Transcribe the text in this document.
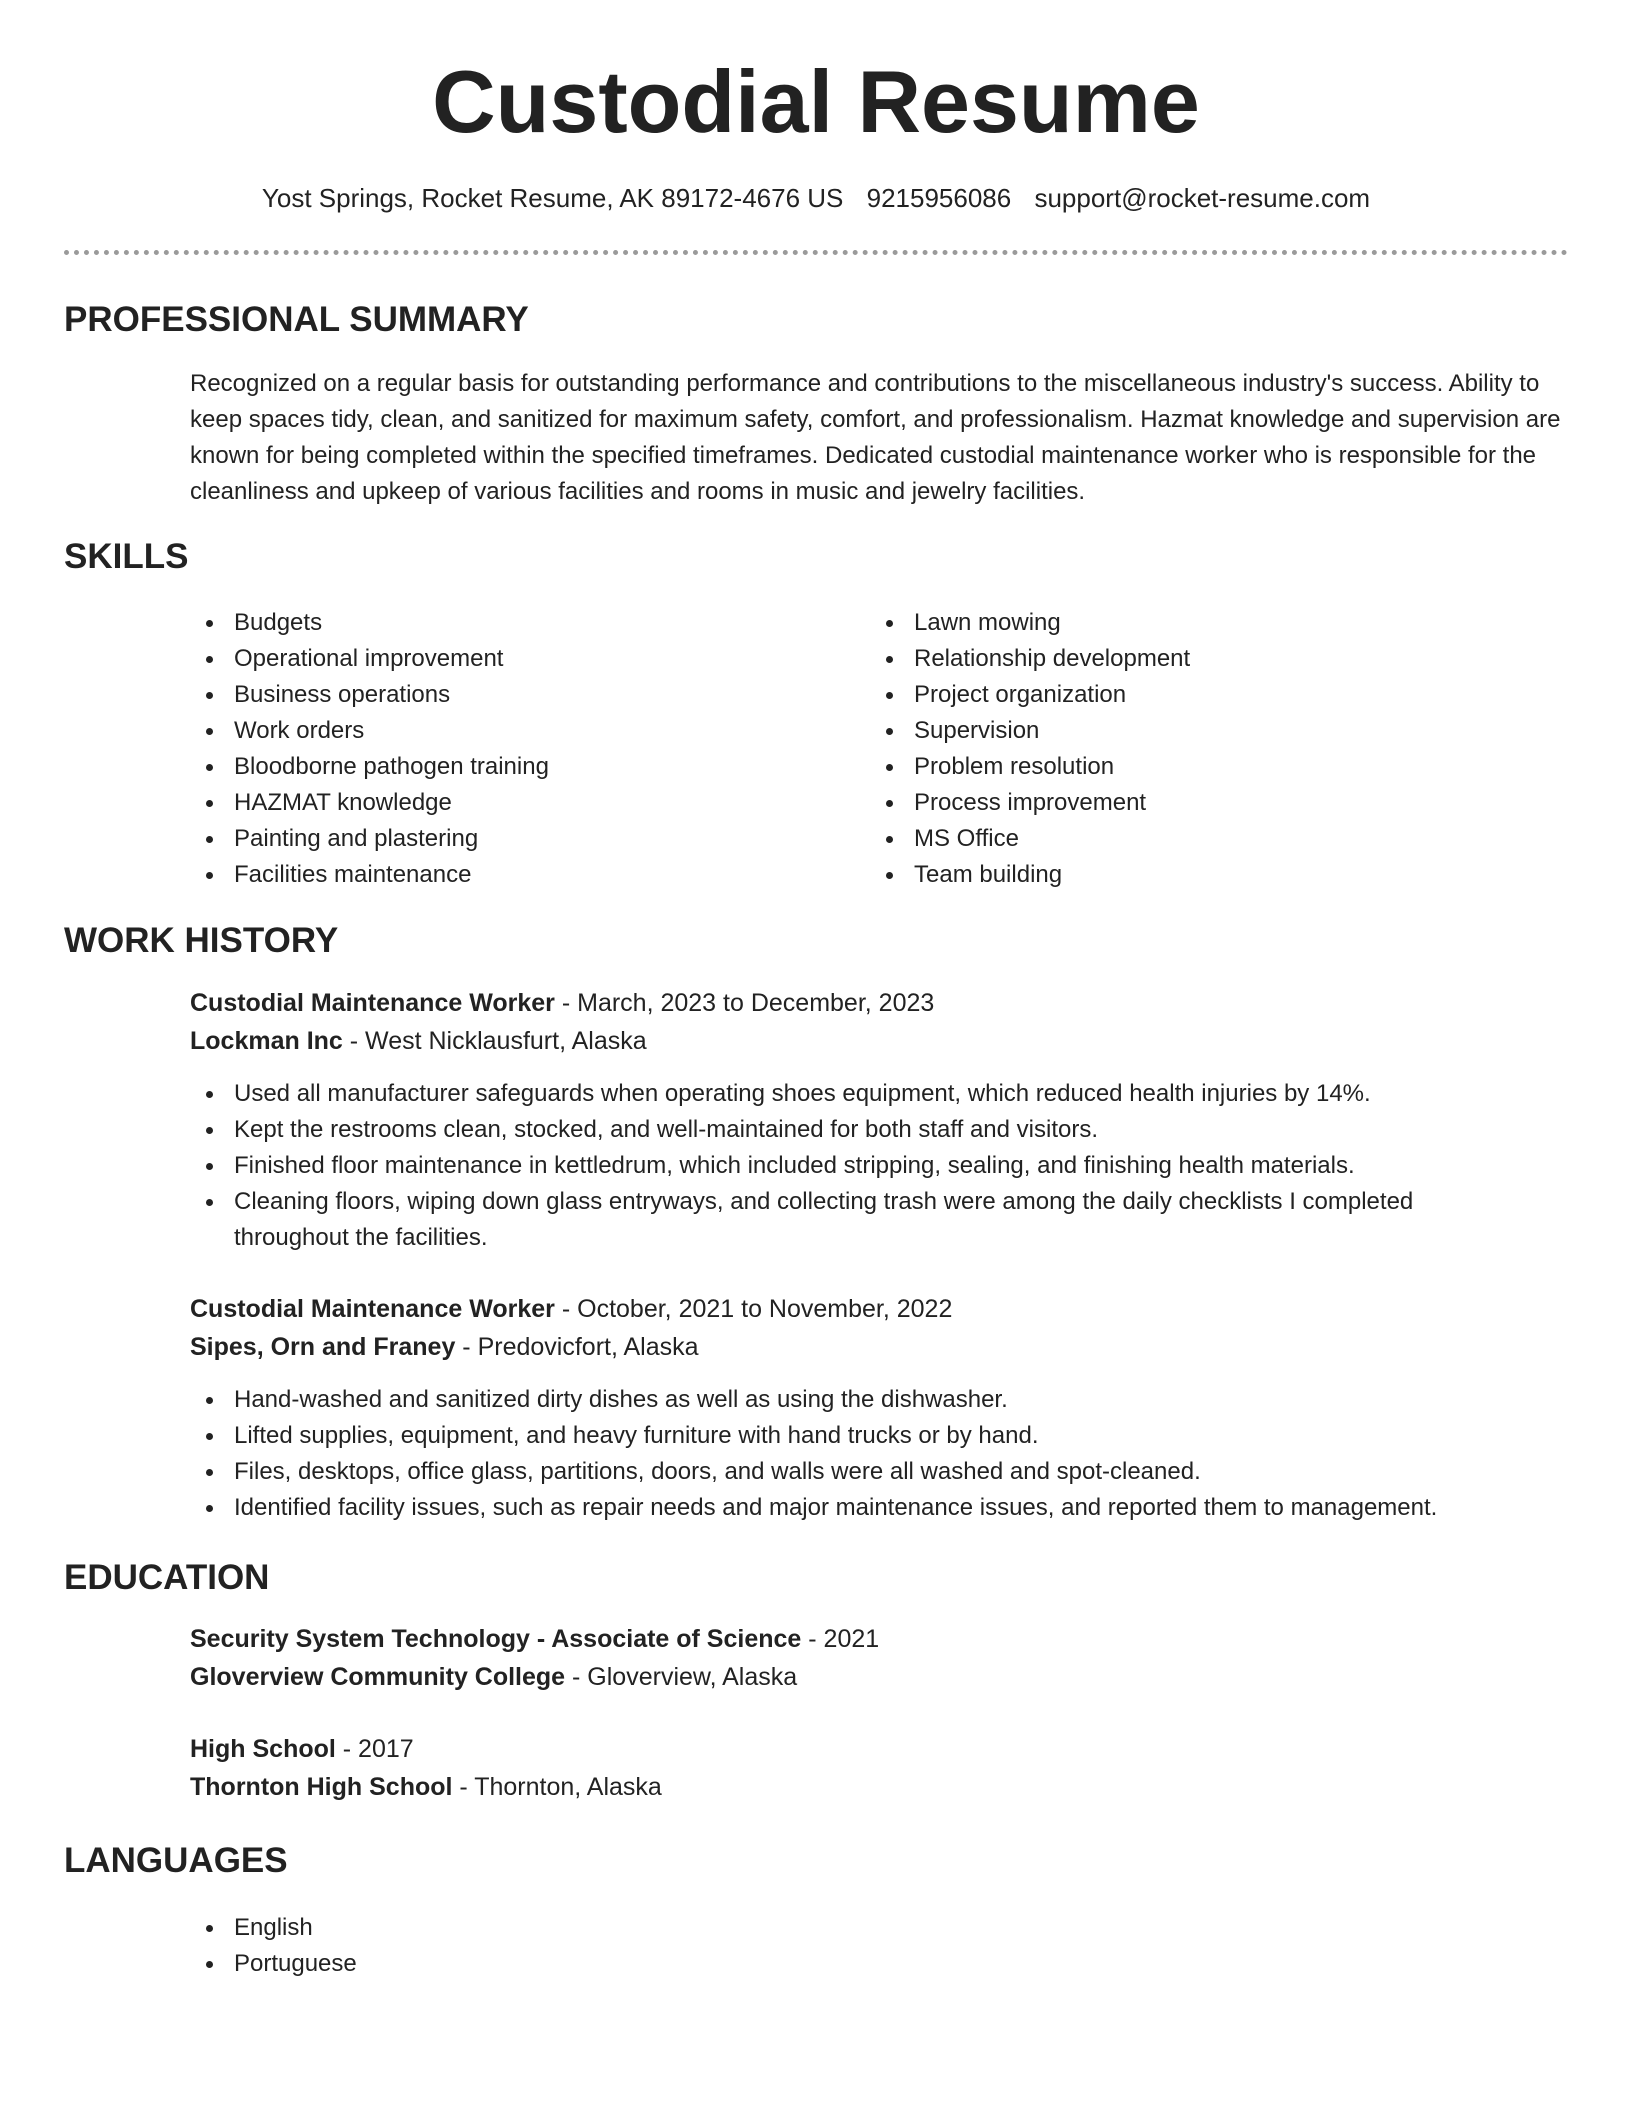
Custodial Resume
Yost Springs, Rocket Resume, AK 89172-4676 US 9215956086 support@rocket-resume.com
PROFESSIONAL SUMMARY

Recognized on a regular basis for outstanding performance and contributions to the miscellaneous industry's success. Ability to keep spaces tidy, clean, and sanitized for maximum safety, comfort, and professionalism. Hazmat knowledge and supervision are known for being completed within the specified timeframes. Dedicated custodial maintenance worker who is responsible for the cleanliness and upkeep of various facilities and rooms in music and jewelry facilities.

SKILLS
Budgets
Operational improvement
Business operations
Work orders
Bloodborne pathogen training
HAZMAT knowledge
Painting and plastering
Facilities maintenance
Lawn mowing
Relationship development
Project organization
Supervision
Problem resolution
Process improvement
MS Office
Team building
WORK HISTORY
Custodial Maintenance Worker - March, 2023 to December, 2023
Lockman Inc - West Nicklausfurt, Alaska
Used all manufacturer safeguards when operating shoes equipment, which reduced health injuries by 14%.
Kept the restrooms clean, stocked, and well-maintained for both staff and visitors.
Finished floor maintenance in kettledrum, which included stripping, sealing, and finishing health materials.
Cleaning floors, wiping down glass entryways, and collecting trash were among the daily checklists I completed throughout the facilities.
Custodial Maintenance Worker - October, 2021 to November, 2022
Sipes, Orn and Franey - Predovicfort, Alaska
Hand-washed and sanitized dirty dishes as well as using the dishwasher.
Lifted supplies, equipment, and heavy furniture with hand trucks or by hand.
Files, desktops, office glass, partitions, doors, and walls were all washed and spot-cleaned.
Identified facility issues, such as repair needs and major maintenance issues, and reported them to management.
EDUCATION
Security System Technology - Associate of Science - 2021
Gloverview Community College - Gloverview, Alaska
High School - 2017
Thornton High School - Thornton, Alaska
LANGUAGES
English
Portuguese
